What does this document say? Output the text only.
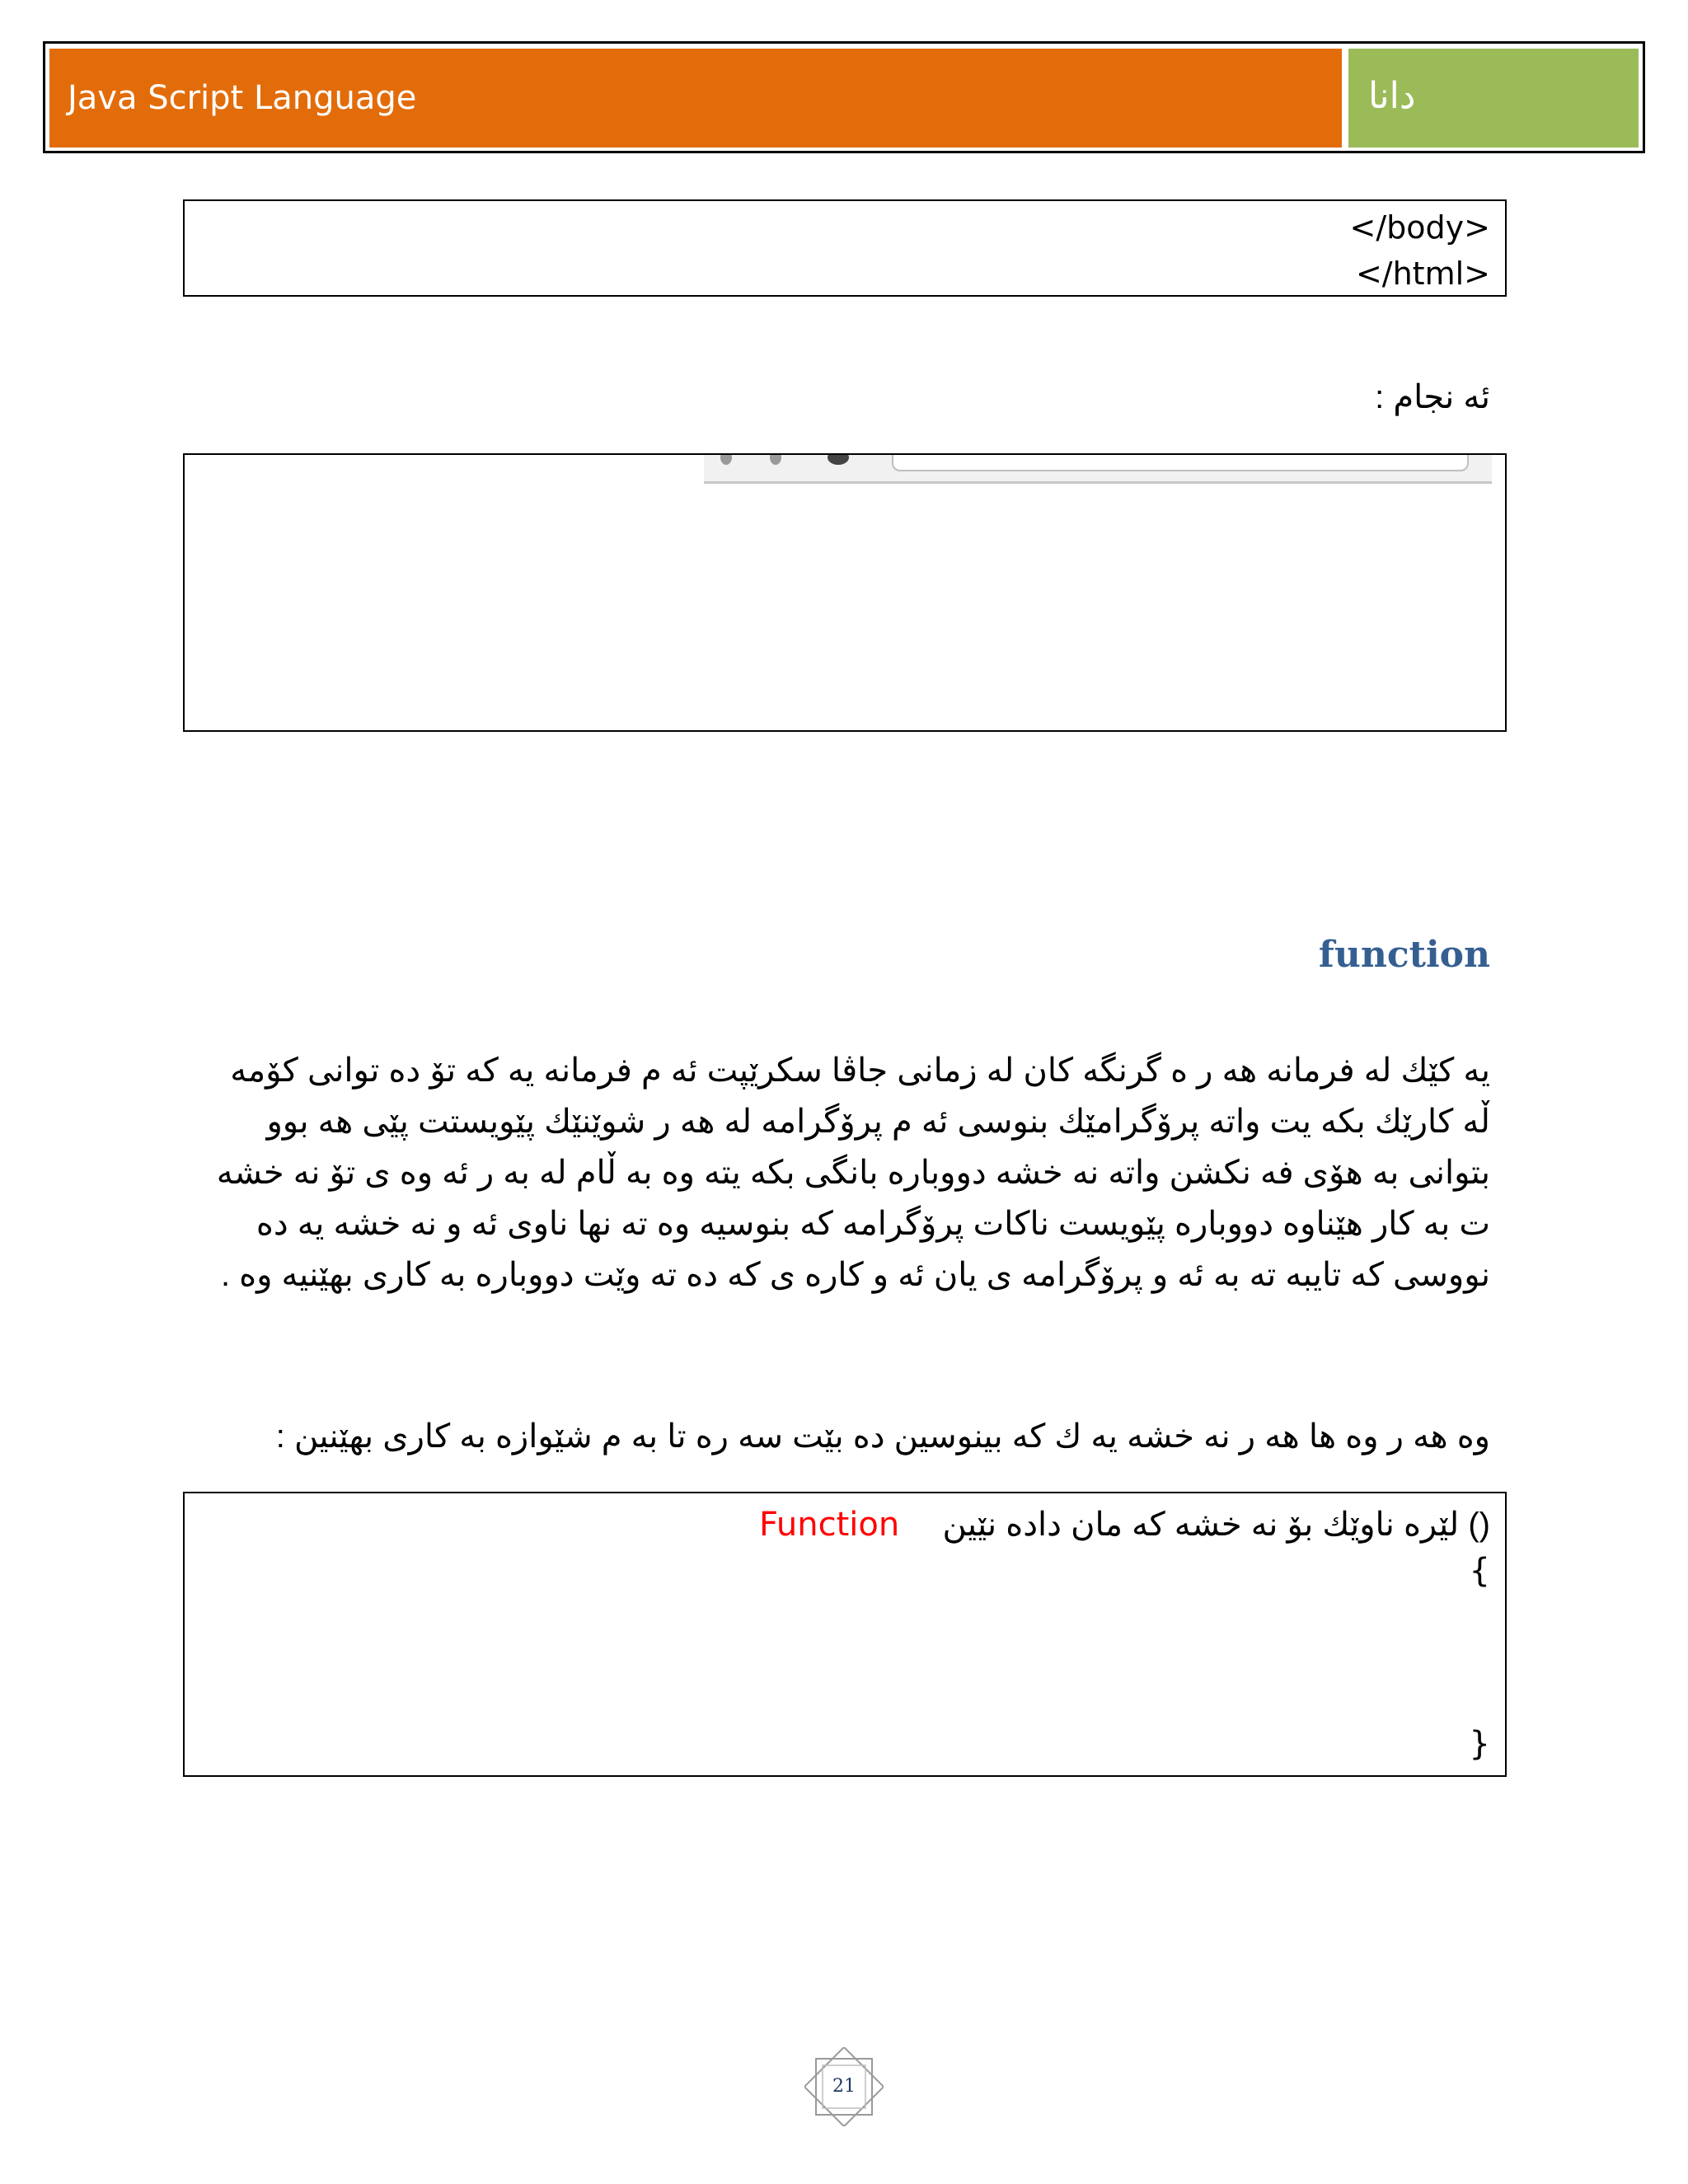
Java Script Language	دانا
</body>
</html>
ئه نجام :
function
یه كێك له فرمانه هه ر ه گرنگه كان له زمانی جاڤا سكرێپت ئه م فرمانه یه كه تۆ ده توانی كۆمه ڵه كارێك بكه یت واته پرۆگرامێك بنوسی ئه م پرۆگرامه له هه ر شوێنێك پێویستت پێی هه بوو بتوانی به هۆی فه نكشن واته نه خشه دووباره بانگی بكه یته وه به ڵام له به ر ئه وه ی تۆ نه خشه ت به كار هێناوه دووباره پێویست ناكات پرۆگرامه كه بنوسیه وه ته نها ناوی ئه و نه خشه یه ده نووسی كه تایبه ته به ئه و پرۆگرامه ی یان ئه و كاره ی كه ده ته وێت دووباره به كاری بهێنیه وه .
وه هه ر وه ها هه ر نه خشه یه ك كه بینوسین ده بێت سه ره تا به م شێوازه به كاری بهێنین :
() لێره ناوێك بۆ نه خشه كه مان داده نێین  Function
{
}
21
